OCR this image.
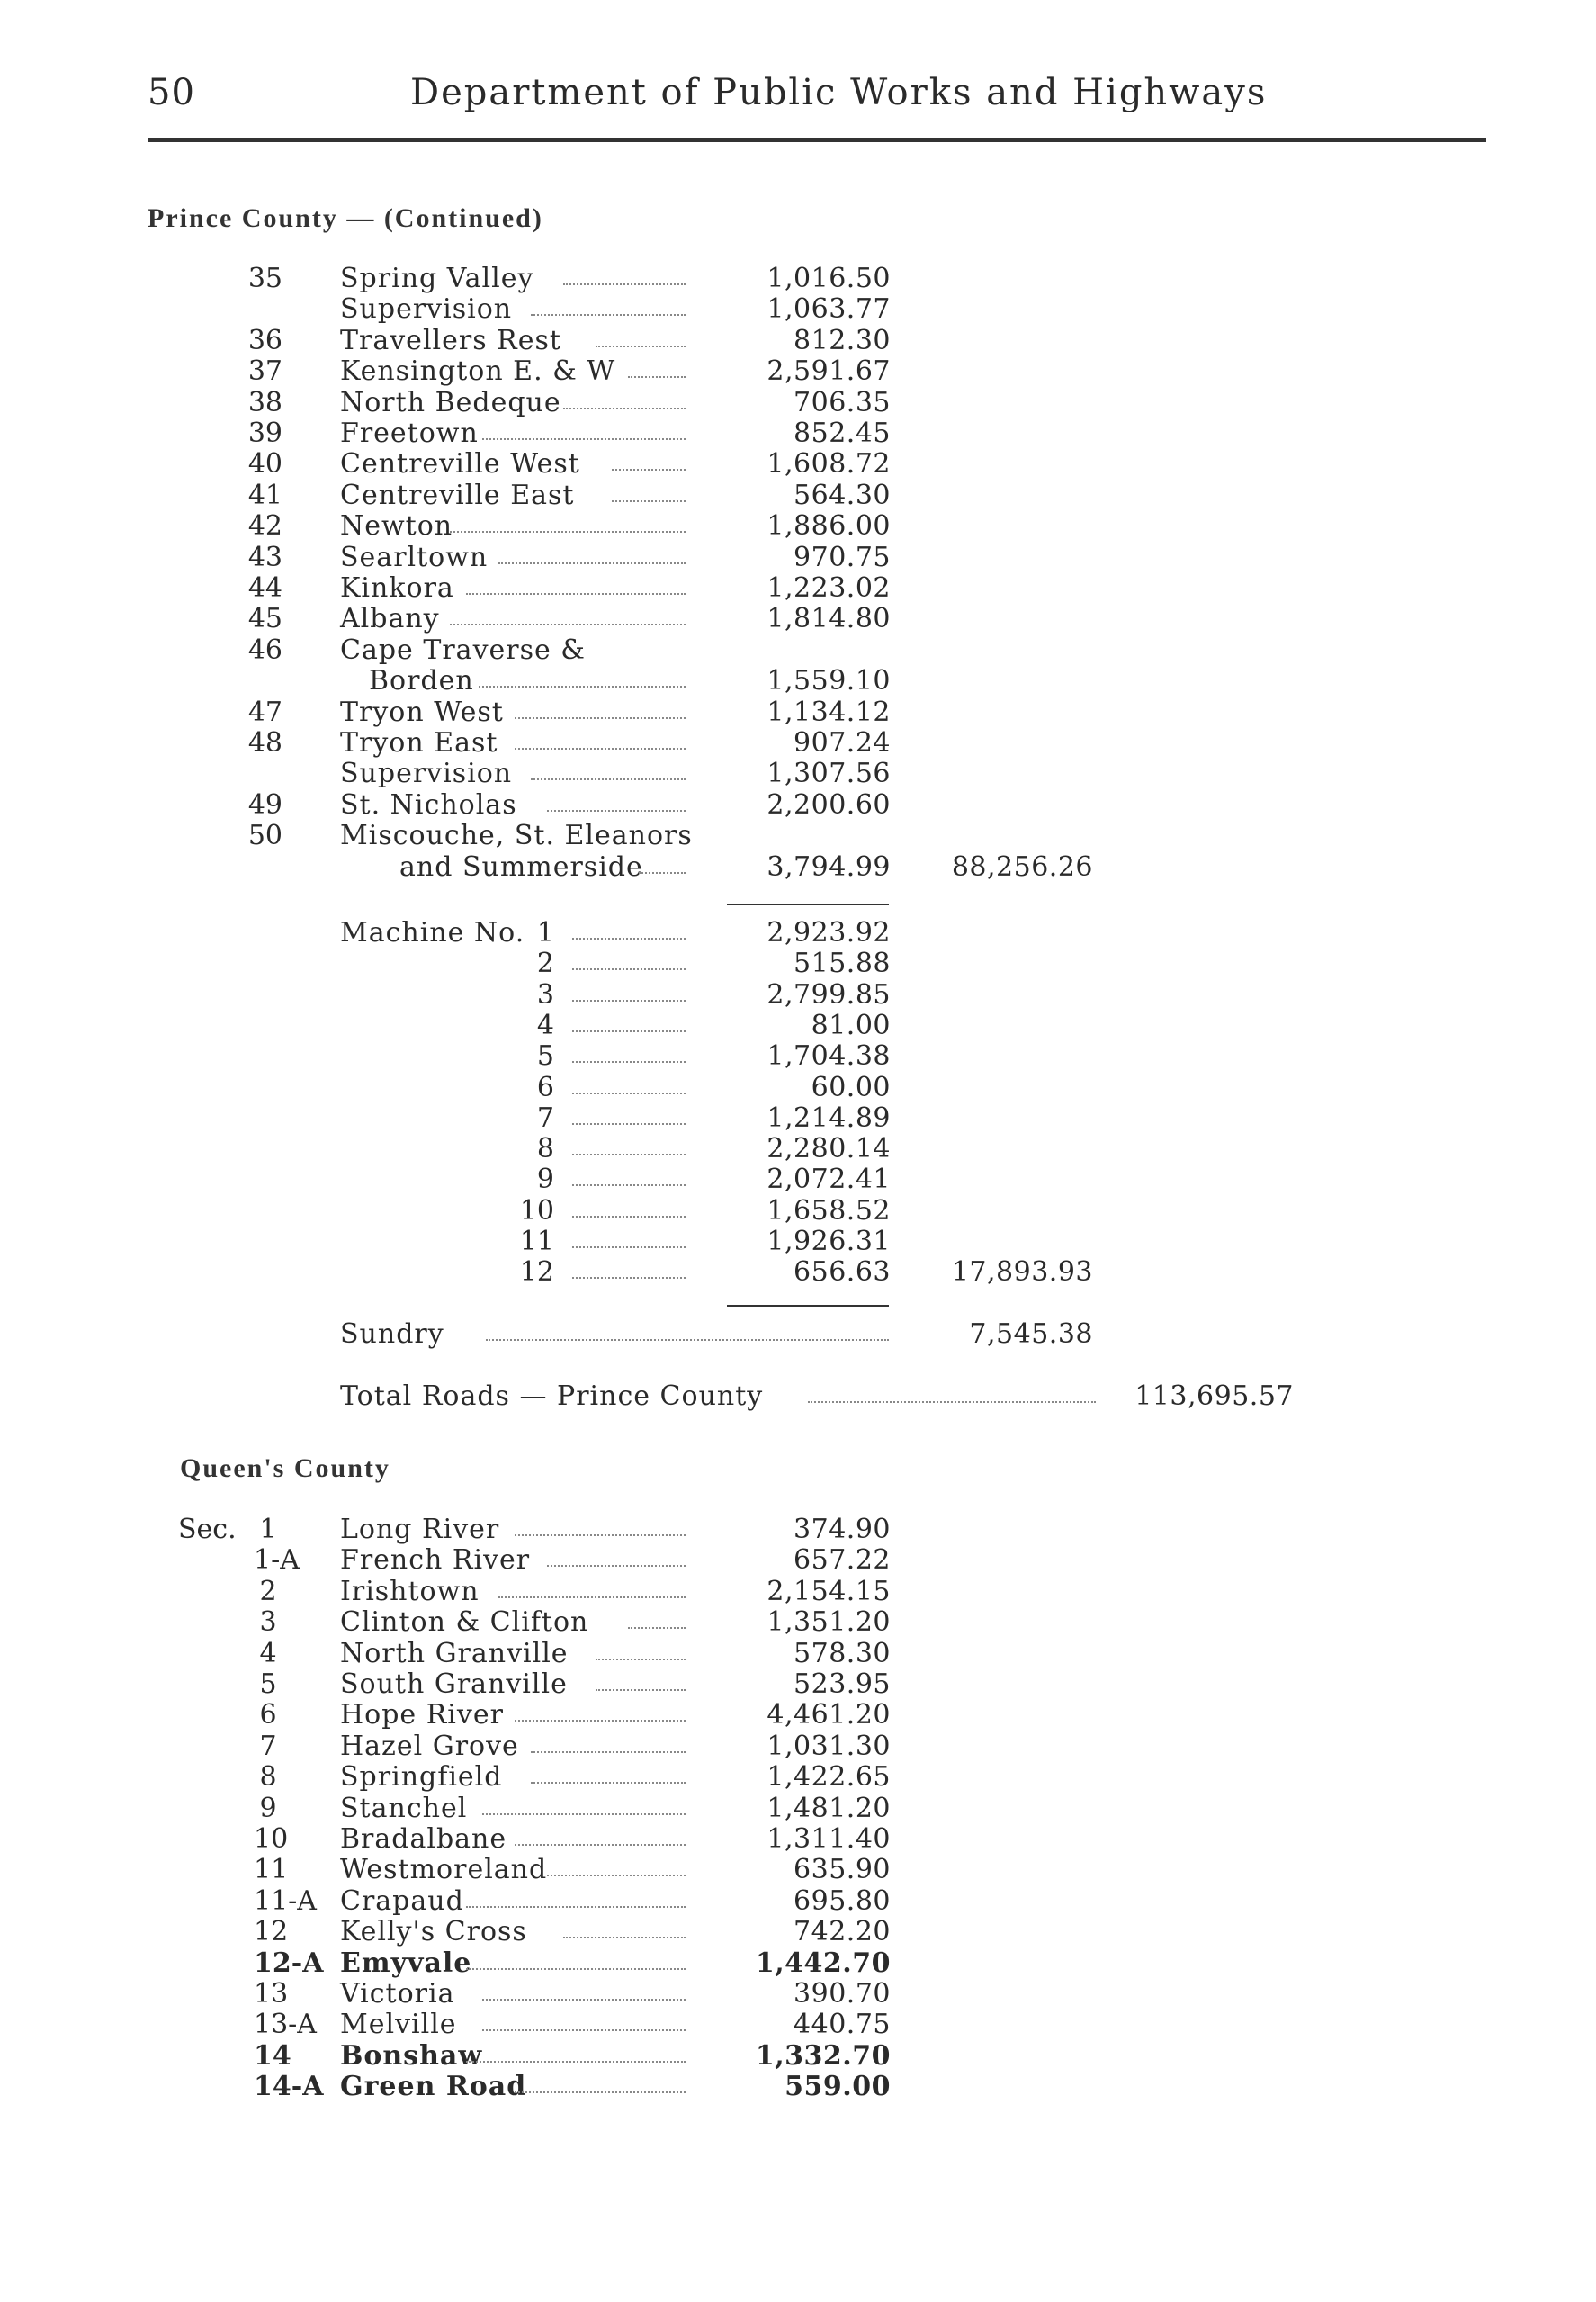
50	Department of Public Works and Highways
Prince County — (Continued)
35 Spring Valley	1,016.50
Supervision	1,063.77
36 Travellers Rest	812.30
37 Kensington E. & W	2,591.67
38 North Bedeque	706.35
39 Freetown	852.45
40 Centreville West	1,608.72
41 Centreville East	564.30
42 Newton	1,886.00
43 Searltown	970.75
44 Kinkora	1,223.02
45 Albany	1,814.80
46 Cape Traverse &
Borden	1,559.10
47 Tryon West	1,134.12
48 Tryon East	907.24
Supervision	1,307.56
49 St. Nicholas	2,200.60
50 Miscouche, St. Eleanors
and Summerside	3,794.99	88,256.26
Machine No. 1	2,923.92
2	515.88
3	2,799.85
4	81.00
5	1,704.38
6	60.00
7	1,214.89
8	2,280.14
9	2,072.41
10	1,658.52
11	1,926.31
12	656.63	17,893.93
Sundry	7,545.38
Total Roads — Prince County	113,695.57
Queen's County
Sec. 1 Long River	374.90
1-A French River	657.22
2 Irishtown	2,154.15
3 Clinton & Clifton	1,351.20
4 North Granville	578.30
5 South Granville	523.95
6 Hope River	4,461.20
7 Hazel Grove	1,031.30
8 Springfield	1,422.65
9 Stanchel	1,481.20
10 Bradalbane	1,311.40
11 Westmoreland	635.90
11-A Crapaud	695.80
12 Kelly's Cross	742.20
12-A Emyvale	1,442.70
13 Victoria	390.70
13-A Melville	440.75
14 Bonshaw	1,332.70
14-A Green Road	559.00
